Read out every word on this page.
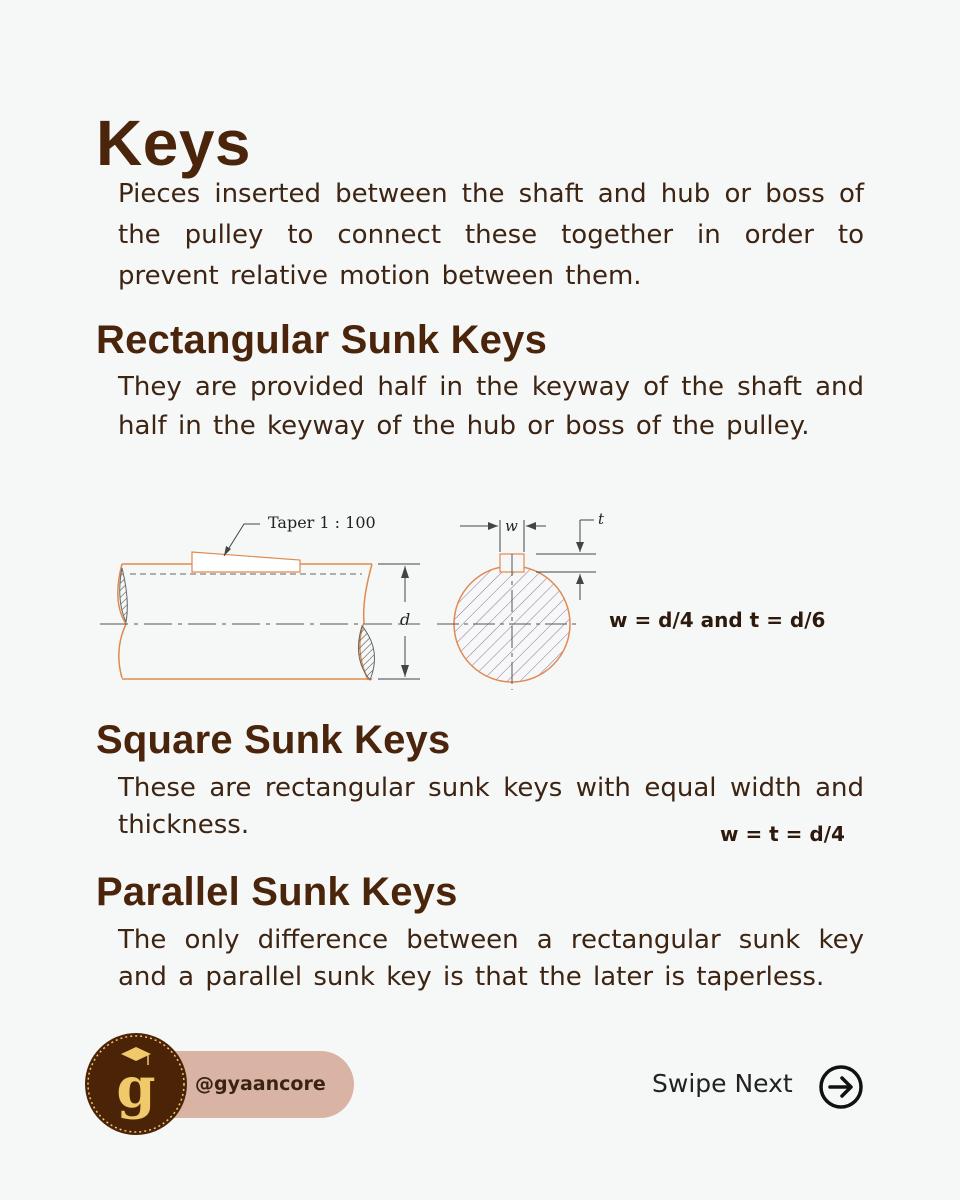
Keys

Pieces inserted between the shaft and hub or boss of the pulley to connect these together in order to prevent relative motion between them.

Rectangular Sunk Keys

They are provided half in the keyway of the shaft and half in the keyway of the hub or boss of the pulley.

Taper 1 : 100
d
w	t
w = d/4 and t = d/6
Square Sunk Keys

These are rectangular sunk keys with equal width and thickness.	w = t = d/4
Parallel Sunk Keys

The only difference between a rectangular sunk key and a parallel sunk key is that the later is taperless.

g @gyaancore	Swipe Next
